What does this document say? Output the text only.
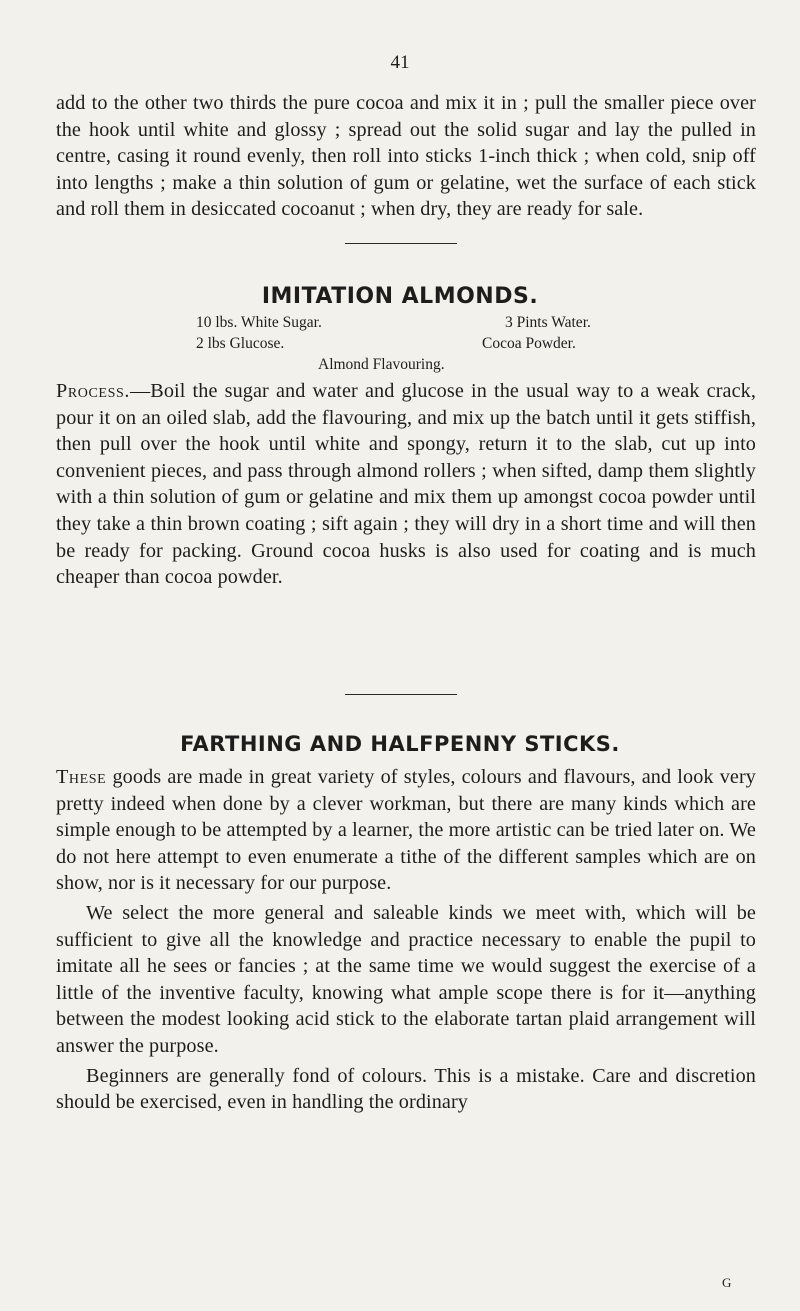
41

add to the other two thirds the pure cocoa and mix it in ; pull the smaller piece over the hook until white and glossy ; spread out the solid sugar and lay the pulled in centre, casing it round evenly, then roll into sticks 1-inch thick ; when cold, snip off into lengths ; make a thin solution of gum or gelatine, wet the surface of each stick and roll them in desiccated cocoanut ; when dry, they are ready for sale.

IMITATION ALMONDS.
10 lbs. White Sugar.	3 Pints Water.
2 lbs Glucose.	Cocoa Powder.
Almond Flavouring.

Process.—Boil the sugar and water and glucose in the usual way to a weak crack, pour it on an oiled slab, add the flavouring, and mix up the batch until it gets stiffish, then pull over the hook until white and spongy, return it to the slab, cut up into convenient pieces, and pass through almond rollers ; when sifted, damp them slightly with a thin solution of gum or gelatine and mix them up amongst cocoa powder until they take a thin brown coating ; sift again ; they will dry in a short time and will then be ready for packing. Ground cocoa husks is also used for coating and is much cheaper than cocoa powder.

FARTHING AND HALFPENNY STICKS.

These goods are made in great variety of styles, colours and flavours, and look very pretty indeed when done by a clever workman, but there are many kinds which are simple enough to be attempted by a learner, the more artistic can be tried later on. We do not here attempt to even enumerate a tithe of the different samples which are on show, nor is it necessary for our purpose.

We select the more general and saleable kinds we meet with, which will be sufficient to give all the knowledge and practice necessary to enable the pupil to imitate all he sees or fancies ; at the same time we would suggest the exercise of a little of the inventive faculty, knowing what ample scope there is for it—anything between the modest looking acid stick to the elaborate tartan plaid arrangement will answer the purpose.

Beginners are generally fond of colours. This is a mistake. Care and discretion should be exercised, even in handling the ordinary

G
